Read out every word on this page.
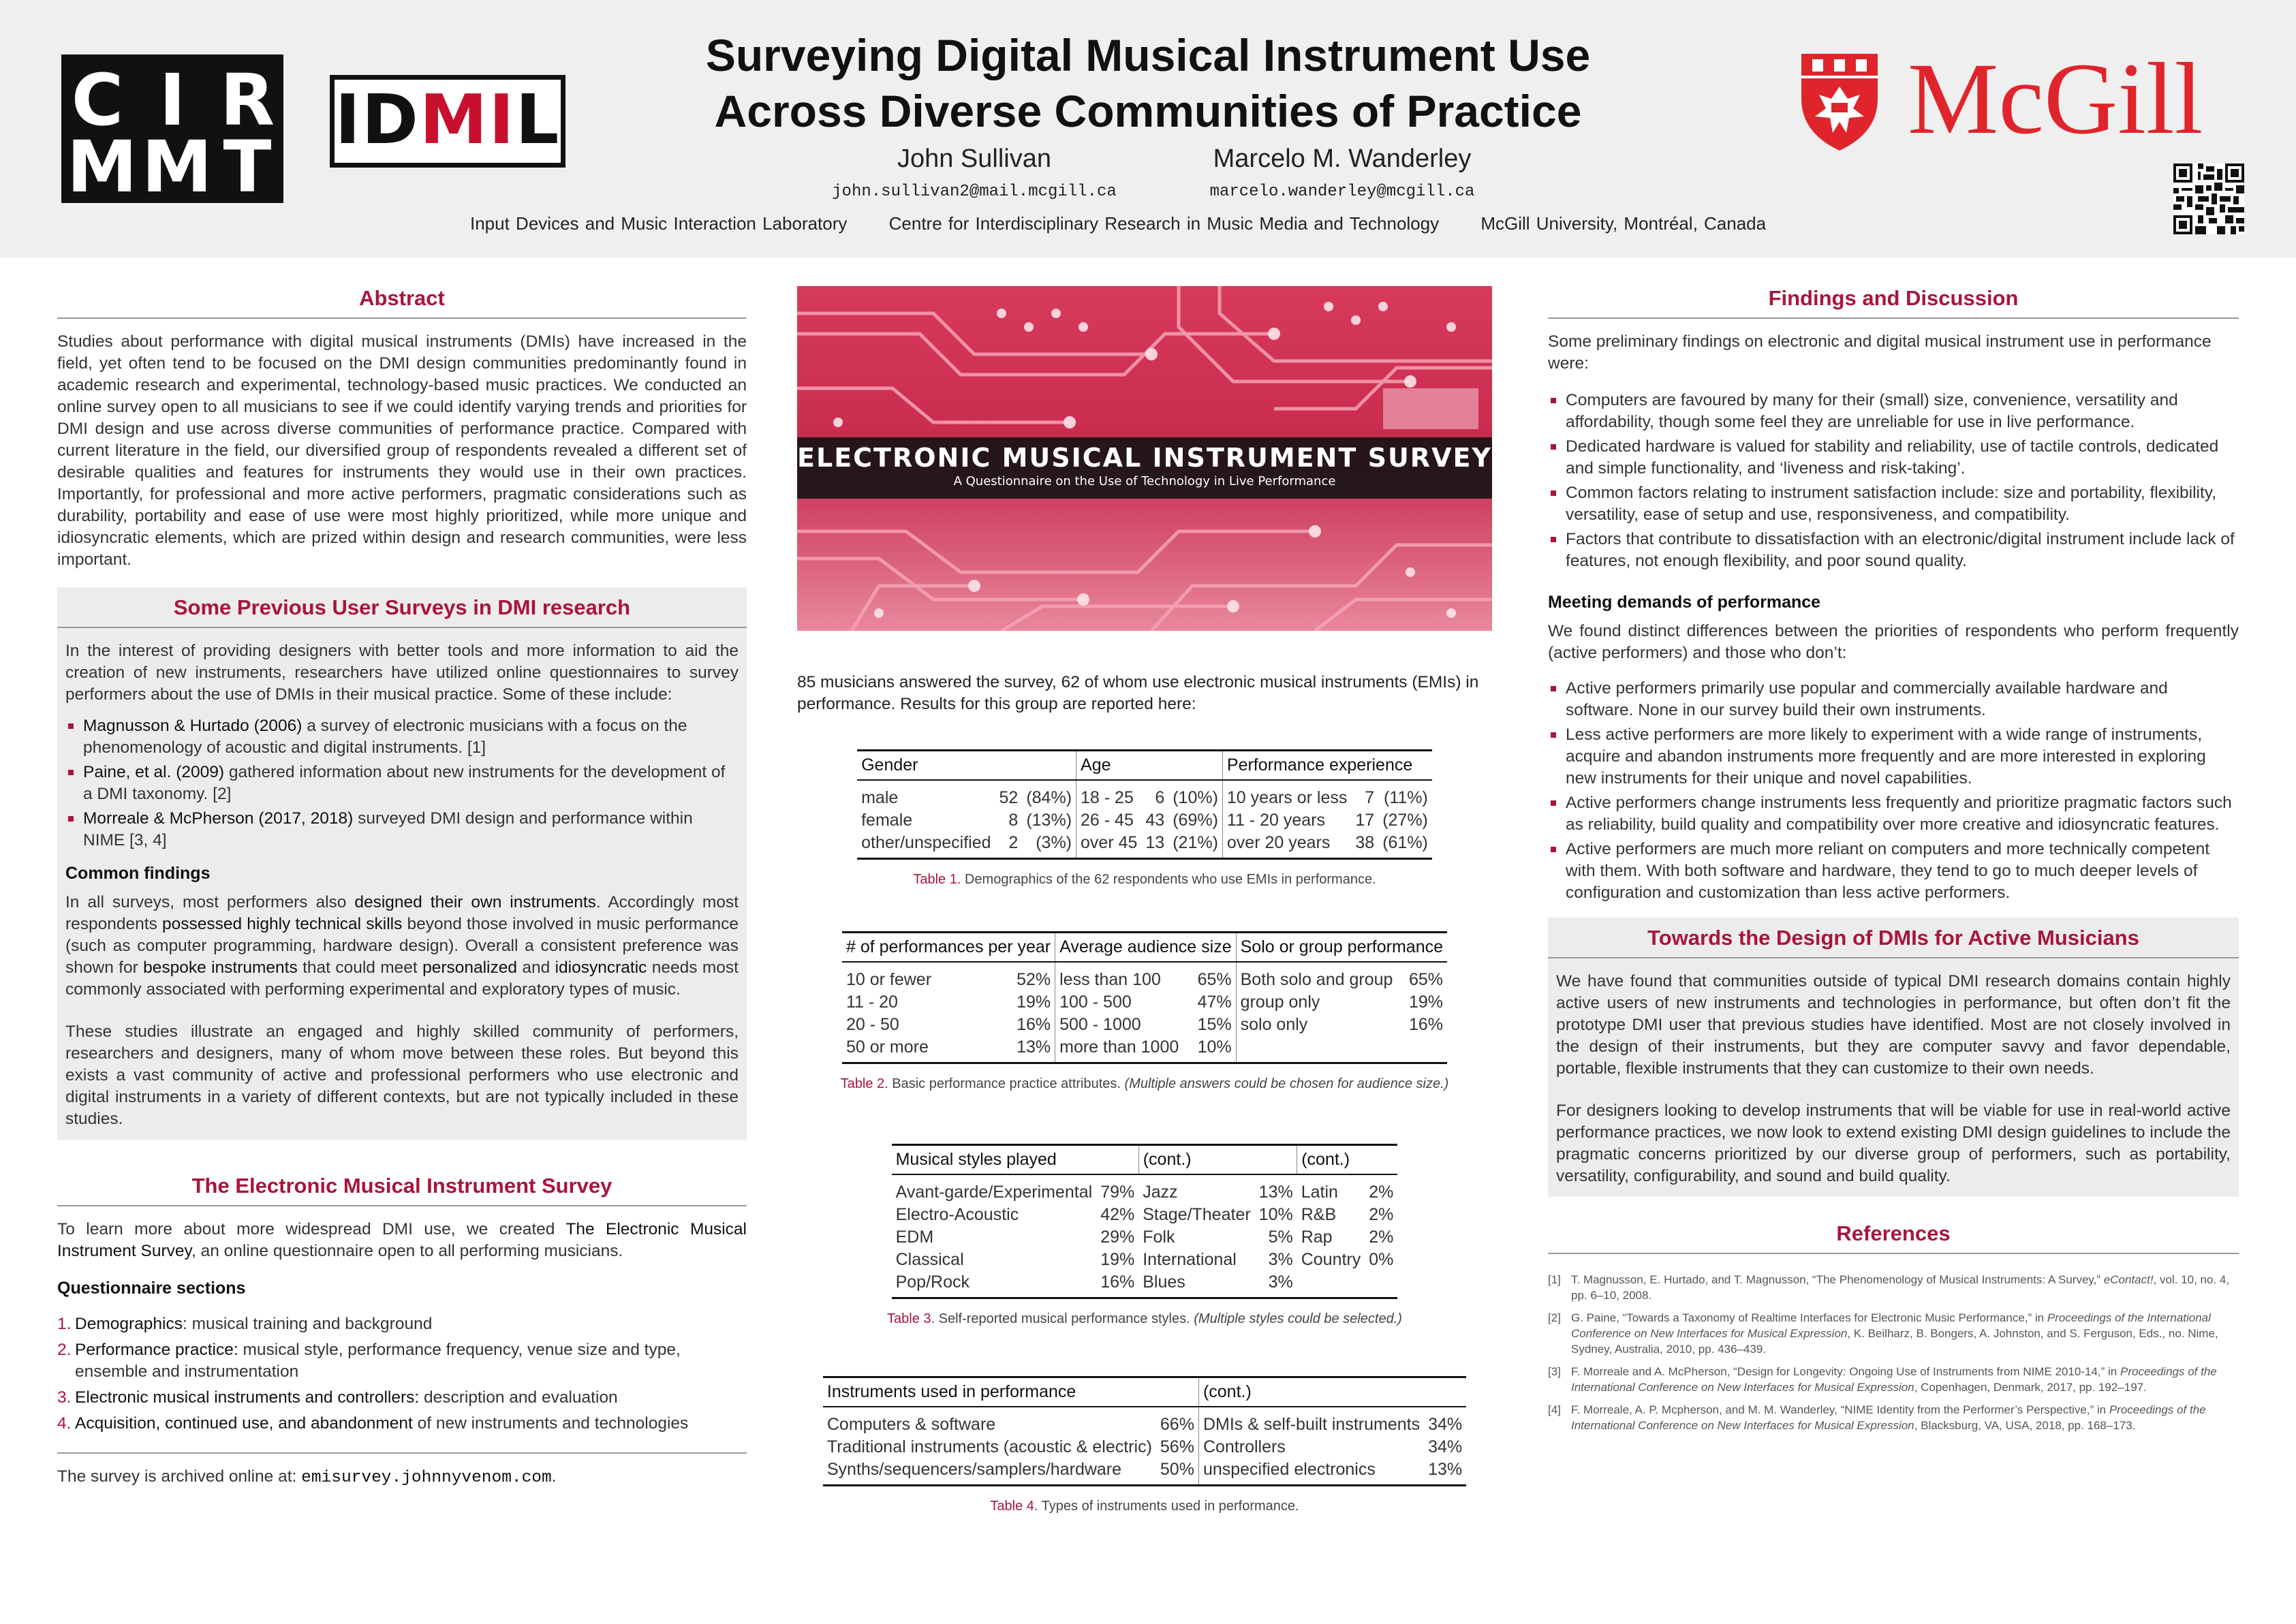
C I R
M M T
IDMIL
Surveying Digital Musical Instrument Use
Across Diverse Communities of Practice
John Sullivan	Marcelo M. Wanderley
john.sullivan2@mail.mcgill.ca	marcelo.wanderley@mcgill.ca
Input Devices and Music Interaction Laboratory Centre for Interdisciplinary Research in Music Media and Technology McGill University, Montréal, Canada
McGill
Abstract

Studies about performance with digital musical instruments (DMIs) have increased in the field, yet often tend to be focused on the DMI design communities predominantly found in academic research and experimental, technology-based music practices. We conducted an online survey open to all musicians to see if we could identify varying trends and priorities for DMI design and use across diverse communities of performance practice. Compared with current literature in the field, our diversified group of respondents revealed a different set of desirable qualities and features for instruments they would use in their own practices. Importantly, for professional and more active performers, pragmatic considerations such as durability, portability and ease of use were most highly prioritized, while more unique and idiosyncratic elements, which are prized within design and research communities, were less important.

Some Previous User Surveys in DMI research

In the interest of providing designers with better tools and more information to aid the creation of new instruments, researchers have utilized online questionnaires to survey performers about the use of DMIs in their musical practice. Some of these include:

Magnusson & Hurtado (2006) a survey of electronic musicians with a focus on the phenomenology of acoustic and digital instruments. [1]
Paine, et al. (2009) gathered information about new instruments for the development of a DMI taxonomy. [2]
Morreale & McPherson (2017, 2018) surveyed DMI design and performance within NIME [3, 4]
Common findings

In all surveys, most performers also designed their own instruments. Accordingly most respondents possessed highly technical skills beyond those involved in music performance (such as computer programming, hardware design). Overall a consistent preference was shown for bespoke instruments that could meet personalized and idiosyncratic needs most commonly associated with performing experimental and exploratory types of music.

These studies illustrate an engaged and highly skilled community of performers, researchers and designers, many of whom move between these roles. But beyond this exists a vast community of active and professional performers who use electronic and digital instruments in a variety of different contexts, but are not typically included in these studies.

The Electronic Musical Instrument Survey

To learn more about more widespread DMI use, we created The Electronic Musical Instrument Survey, an online questionnaire open to all performing musicians.

Questionnaire sections
1. Demographics: musical training and background
2. Performance practice: musical style, performance frequency, venue size and type, ensemble and instrumentation
3. Electronic musical instruments and controllers: description and evaluation
4. Acquisition, continued use, and abandonment of new instruments and technologies

The survey is archived online at: emisurvey.johnnyvenom.com.

ELECTRONIC MUSICAL INSTRUMENT SURVEY
A Questionnaire on the Use of Technology in Live Performance

85 musicians answered the survey, 62 of whom use electronic musical instruments (EMIs) in performance. Results for this group are reported here:

Gender			Age			Performance experience		
male	52	(84%)	18 - 25	6	(10%)	10 years or less	7	(11%)
female	8	(13%)	26 - 45	43	(69%)	11 - 20 years	17	(27%)
other/unspecified	2	(3%)	over 45	13	(21%)	over 20 years	38	(61%)
Table 1. Demographics of the 62 respondents who use EMIs in performance.
# of performances per year		Average audience size		Solo or group performance	
10 or fewer	52%	less than 100	65%	Both solo and group	65%
11 - 20	19%	100 - 500	47%	group only	19%
20 - 50	16%	500 - 1000	15%	solo only	16%
50 or more	13%	more than 1000	10%		
Table 2. Basic performance practice attributes. (Multiple answers could be chosen for audience size.)
Musical styles played		(cont.)		(cont.)	
Avant-garde/Experimental	79%	Jazz	13%	Latin	2%
Electro-Acoustic	42%	Stage/Theater	10%	R&B	2%
EDM	29%	Folk	5%	Rap	2%
Classical	19%	International	3%	Country	0%
Pop/Rock	16%	Blues	3%		
Table 3. Self-reported musical performance styles. (Multiple styles could be selected.)
Instruments used in performance		(cont.)	
Computers & software	66%	DMIs & self-built instruments	34%
Traditional instruments (acoustic & electric)	56%	Controllers	34%
Synths/sequencers/samplers/hardware	50%	unspecified electronics	13%
Table 4. Types of instruments used in performance.
Findings and Discussion

Some preliminary findings on electronic and digital musical instrument use in performance were:

Computers are favoured by many for their (small) size, convenience, versatility and affordability, though some feel they are unreliable for use in live performance.
Dedicated hardware is valued for stability and reliability, use of tactile controls, dedicated and simple functionality, and ‘liveness and risk-taking’.
Common factors relating to instrument satisfaction include: size and portability, flexibility, versatility, ease of setup and use, responsiveness, and compatibility.
Factors that contribute to dissatisfaction with an electronic/digital instrument include lack of features, not enough flexibility, and poor sound quality.
Meeting demands of performance

We found distinct differences between the priorities of respondents who perform frequently (active performers) and those who don’t:

Active performers primarily use popular and commercially available hardware and software. None in our survey build their own instruments.
Less active performers are more likely to experiment with a wide range of instruments, acquire and abandon instruments more frequently and are more interested in exploring new instruments for their unique and novel capabilities.
Active performers change instruments less frequently and prioritize pragmatic factors such as reliability, build quality and compatibility over more creative and idiosyncratic features.
Active performers are much more reliant on computers and more technically competent with them. With both software and hardware, they tend to go to much deeper levels of configuration and customization than less active performers.
Towards the Design of DMIs for Active Musicians

We have found that communities outside of typical DMI research domains contain highly active users of new instruments and technologies in performance, but often don’t fit the prototype DMI user that previous studies have identified. Most are not closely involved in the design of their instruments, but they are computer savvy and favor dependable, portable, flexible instruments that they can customize to their own needs.

For designers looking to develop instruments that will be viable for use in real-world active performance practices, we now look to extend existing DMI design guidelines to include the pragmatic concerns prioritized by our diverse group of performers, such as portability, versatility, configurability, and sound and build quality.

References
[1] T. Magnusson, E. Hurtado, and T. Magnusson, “The Phenomenology of Musical Instruments: A Survey,” eContact!, vol. 10, no. 4, pp. 6–10, 2008.
[2] G. Paine, “Towards a Taxonomy of Realtime Interfaces for Electronic Music Performance,” in Proceedings of the International Conference on New Interfaces for Musical Expression, K. Beilharz, B. Bongers, A. Johnston, and S. Ferguson, Eds., no. Nime, Sydney, Australia, 2010, pp. 436–439.
[3] F. Morreale and A. McPherson, “Design for Longevity: Ongoing Use of Instruments from NIME 2010-14,” in Proceedings of the International Conference on New Interfaces for Musical Expression, Copenhagen, Denmark, 2017, pp. 192–197.
[4] F. Morreale, A. P. Mcpherson, and M. M. Wanderley, “NIME Identity from the Performer’s Perspective,” in Proceedings of the International Conference on New Interfaces for Musical Expression, Blacksburg, VA, USA, 2018, pp. 168–173.
